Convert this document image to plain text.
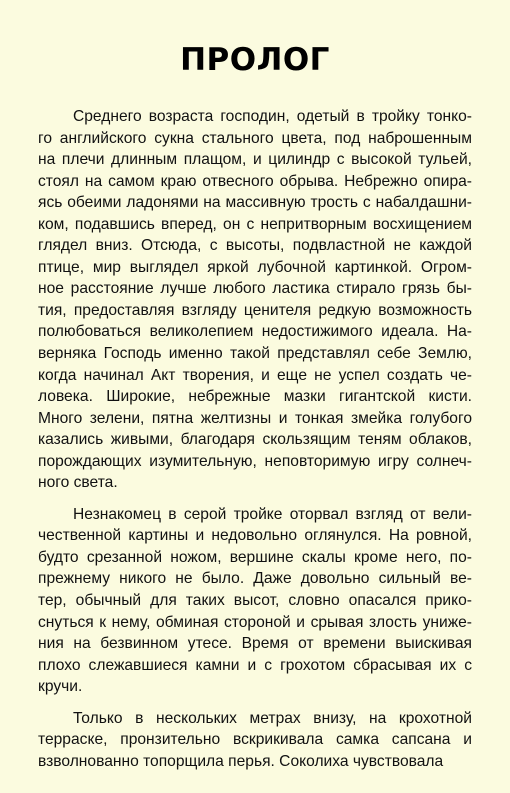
ПРОЛОГ
Среднего возраста господин, одетый в тройку тонко-
го английского сукна стального цвета, под наброшенным
на плечи длинным плащом, и цилиндр с высокой тульей,
стоял на самом краю отвесного обрыва. Небрежно опира-
ясь обеими ладонями на массивную трость с набалдашни-
ком, подавшись вперед, он с непритворным восхищением
глядел вниз. Отсюда, с высоты, подвластной не каждой
птице, мир выглядел яркой лубочной картинкой. Огром-
ное расстояние лучше любого ластика стирало грязь бы-
тия, предоставляя взгляду ценителя редкую возможность
полюбоваться великолепием недостижимого идеала. На-
верняка Господь именно такой представлял себе Землю,
когда начинал Акт творения, и еще не успел создать че-
ловека. Широкие, небрежные мазки гигантской кисти.
Много зелени, пятна желтизны и тонкая змейка голубого
казались живыми, благодаря скользящим теням облаков,
порождающих изумительную, неповторимую игру солнеч-
ного света.
Незнакомец в серой тройке оторвал взгляд от вели-
чественной картины и недовольно оглянулся. На ровной,
будто срезанной ножом, вершине скалы кроме него, по-
прежнему никого не было. Даже довольно сильный ве-
тер, обычный для таких высот, словно опасался прико-
снуться к нему, обминая стороной и срывая злость униже-
ния на безвинном утесе. Время от времени выискивая
плохо слежавшиеся камни и с грохотом сбрасывая их с
кручи.
Только в нескольких метрах внизу, на крохотной
терраске, пронзительно вскрикивала самка сапсана и
взволнованно топорщила перья. Соколиха чувствовала
